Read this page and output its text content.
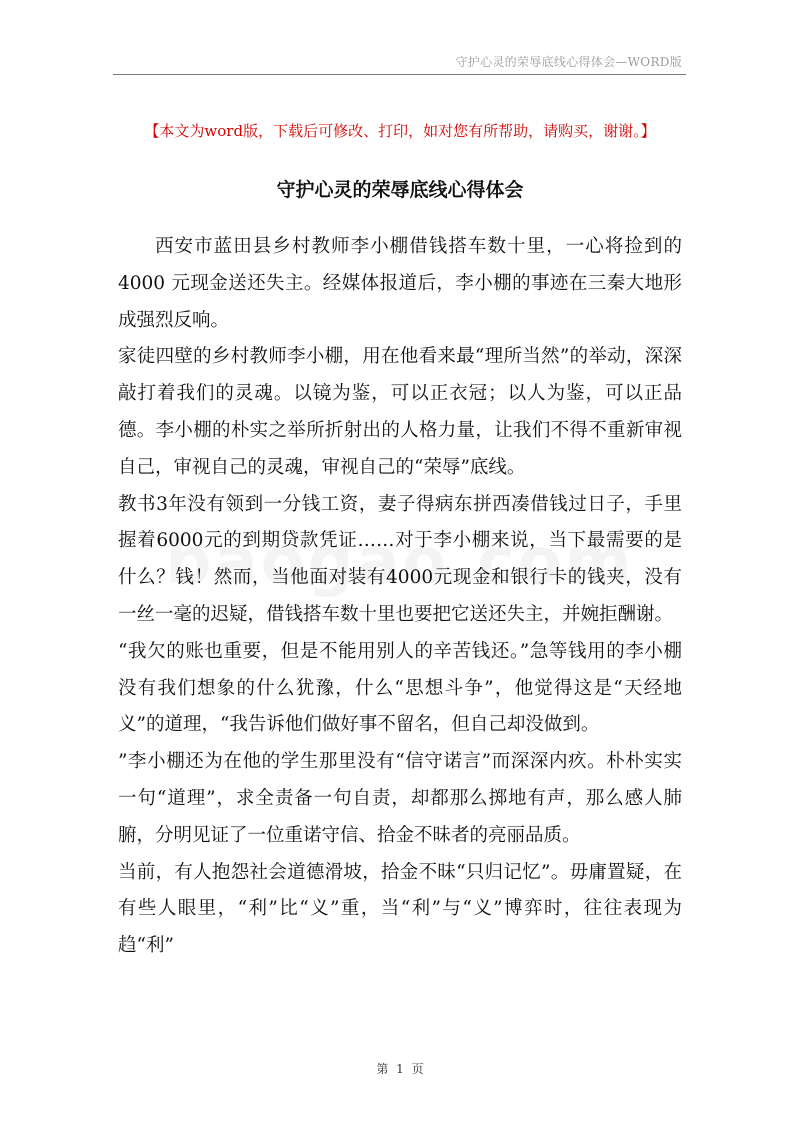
守护心灵的荣辱底线心得体会—WORD版
【本文为word版，下载后可修改、打印，如对您有所帮助，请购买，谢谢。】
守护心灵的荣辱底线心得体会

西安市蓝田县乡村教师李小棚借钱搭车数十里，一心将捡到的4000 元现金送还失主。经媒体报道后，李小棚的事迹在三秦大地形成强烈反响。

家徒四壁的乡村教师李小棚，用在他看来最“理所当然”的举动，深深敲打着我们的灵魂。以镜为鉴，可以正衣冠；以人为鉴，可以正品德。李小棚的朴实之举所折射出的人格力量，让我们不得不重新审视自己，审视自己的灵魂，审视自己的“荣辱”底线。

教书3年没有领到一分钱工资，妻子得病东拼西凑借钱过日子，手里握着6000元的到期贷款凭证……对于李小棚来说，当下最需要的是什么？钱！然而，当他面对装有4000元现金和银行卡的钱夹，没有一丝一毫的迟疑，借钱搭车数十里也要把它送还失主，并婉拒酬谢。

“我欠的账也重要，但是不能用别人的辛苦钱还。”急等钱用的李小棚没有我们想象的什么犹豫，什么“思想斗争”，他觉得这是“天经地义”的道理，“我告诉他们做好事不留名，但自己却没做到。

”李小棚还为在他的学生那里没有“信守诺言”而深深内疚。朴朴实实一句“道理”，求全责备一句自责，却都那么掷地有声，那么感人肺腑，分明见证了一位重诺守信、拾金不昧者的亮丽品质。

当前，有人抱怨社会道德滑坡，拾金不昧“只归记忆”。毋庸置疑，在有些人眼里，“利”比“义”重，当“利”与“义”博弈时，往往表现为趋“利”

第 1 页
